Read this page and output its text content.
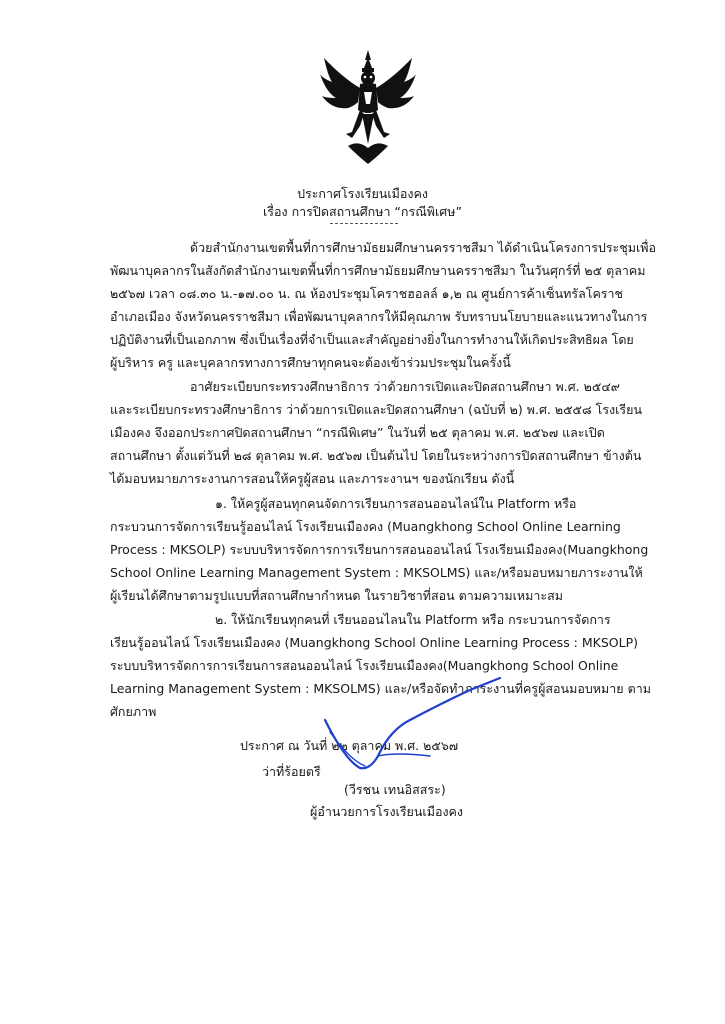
ประกาศโรงเรียนเมืองคง
เรื่อง การปิดสถานศึกษา “กรณีพิเศษ”
ด้วยสำนักงานเขตพื้นที่การศึกษามัธยมศึกษานครราชสีมา ได้ดำเนินโครงการประชุมเพื่อ
พัฒนาบุคลากรในสังกัดสำนักงานเขตพื้นที่การศึกษามัธยมศึกษานครราชสีมา ในวันศุกร์ที่ ๒๕ ตุลาคม
๒๕๖๗ เวลา ๐๘.๓๐ น.-๑๗.๐๐ น. ณ ห้องประชุมโคราชฮอลล์ ๑,๒ ณ ศูนย์การค้าเซ็นทรัลโคราช
อำเภอเมือง จังหวัดนครราชสีมา เพื่อพัฒนาบุคลากรให้มีคุณภาพ รับทราบนโยบายและแนวทางในการ
ปฏิบัติงานที่เป็นเอกภาพ ซึ่งเป็นเรื่องที่จำเป็นและสำคัญอย่างยิ่งในการทำงานให้เกิดประสิทธิผล โดย
ผู้บริหาร ครู และบุคลากรทางการศึกษาทุกคนจะต้องเข้าร่วมประชุมในครั้งนี้
อาศัยระเบียบกระทรวงศึกษาธิการ ว่าด้วยการเปิดและปิดสถานศึกษา พ.ศ. ๒๕๔๙
และระเบียบกระทรวงศึกษาธิการ ว่าด้วยการเปิดและปิดสถานศึกษา (ฉบับที่ ๒) พ.ศ. ๒๕๕๘ โรงเรียน
เมืองคง จึงออกประกาศปิดสถานศึกษา “กรณีพิเศษ” ในวันที่ ๒๕ ตุลาคม พ.ศ. ๒๕๖๗ และเปิด
สถานศึกษา ตั้งแต่วันที่ ๒๘ ตุลาคม พ.ศ. ๒๕๖๗ เป็นต้นไป โดยในระหว่างการปิดสถานศึกษา ข้างต้น
ได้มอบหมายภาระงานการสอนให้ครูผู้สอน และภาระงานฯ ของนักเรียน ดังนี้
๑. ให้ครูผู้สอนทุกคนจัดการเรียนการสอนออนไลน์ใน Platform หรือ
กระบวนการจัดการเรียนรู้ออนไลน์ โรงเรียนเมืองคง (Muangkhong School Online Learning
Process : MKSOLP) ระบบบริหารจัดการการเรียนการสอนออนไลน์ โรงเรียนเมืองคง(Muangkhong
School Online Learning Management System : MKSOLMS) และ/หรือมอบหมายภาระงานให้
ผู้เรียนได้ศึกษาตามรูปแบบที่สถานศึกษากำหนด ในรายวิชาที่สอน ตามความเหมาะสม
๒. ให้นักเรียนทุกคนที่ เรียนออนไลนใน Platform หรือ กระบวนการจัดการ
เรียนรู้ออนไลน์ โรงเรียนเมืองคง (Muangkhong School Online Learning Process : MKSOLP)
ระบบบริหารจัดการการเรียนการสอนออนไลน์ โรงเรียนเมืองคง(Muangkhong School Online
Learning Management System : MKSOLMS) และ/หรือจัดทำภาระงานที่ครูผู้สอนมอบหมาย ตาม
ศักยภาพ
ประกาศ ณ วันที่ ๒๒ ตุลาคม พ.ศ. ๒๕๖๗
ว่าที่ร้อยตรี
(วีรชน เทนอิสสระ)
ผู้อำนวยการโรงเรียนเมืองคง
